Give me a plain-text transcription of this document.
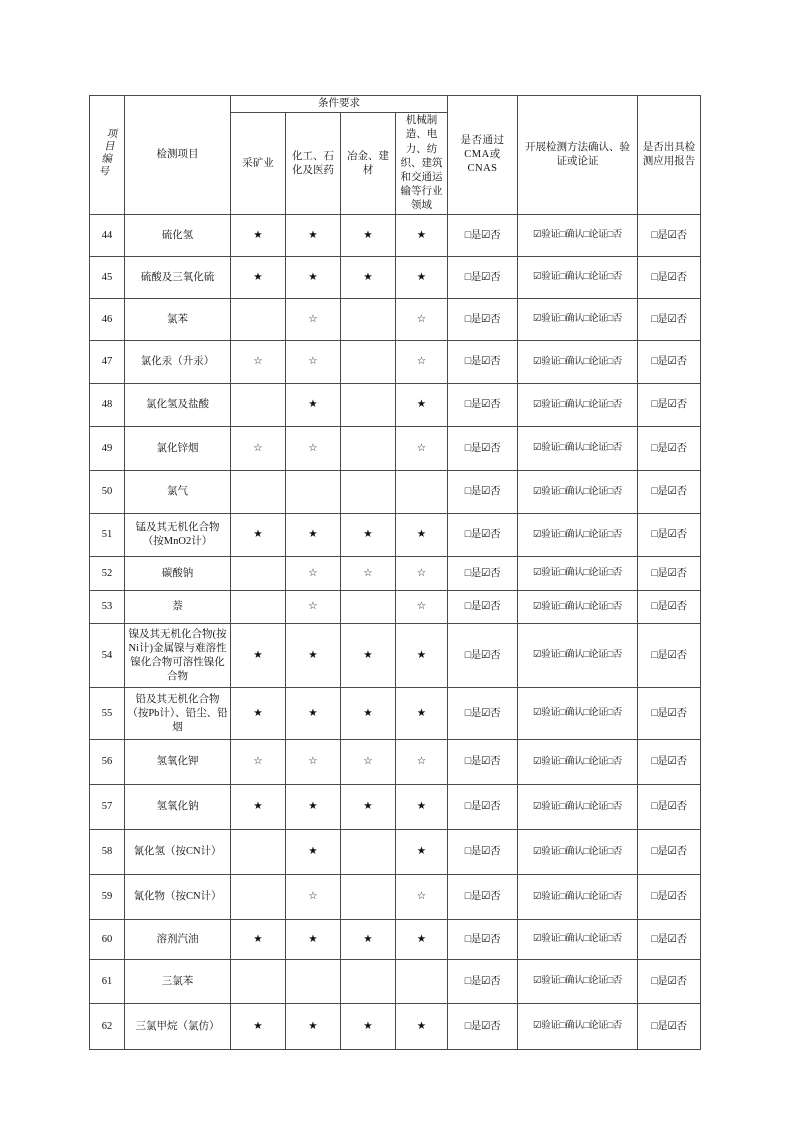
项目编号	检测项目	条件要求				是否通过CMA或CNAS	开展检测方法确认、验证或论证	是否出具检测应用报告
		采矿业	化工、石化及医药	冶金、建材	机械制造、电力、纺织、建筑和交通运输等行业领域			
44	硫化氢	★	★	★	★	□是☑否	☑验证□确认□论证□否	□是☑否
45	硫酸及三氧化硫	★	★	★	★	□是☑否	☑验证□确认□论证□否	□是☑否
46	氯苯		☆		☆	□是☑否	☑验证□确认□论证□否	□是☑否
47	氯化汞（升汞）	☆	☆		☆	□是☑否	☑验证□确认□论证□否	□是☑否
48	氯化氢及盐酸		★		★	□是☑否	☑验证□确认□论证□否	□是☑否
49	氯化锌烟	☆	☆		☆	□是☑否	☑验证□确认□论证□否	□是☑否
50	氯气					□是☑否	☑验证□确认□论证□否	□是☑否
51	锰及其无机化合物（按MnO2计）	★	★	★	★	□是☑否	☑验证□确认□论证□否	□是☑否
52	碳酸钠		☆	☆	☆	□是☑否	☑验证□确认□论证□否	□是☑否
53	萘		☆		☆	□是☑否	☑验证□确认□论证□否	□是☑否
54	镍及其无机化合物(按Ni计)金属镍与难溶性镍化合物可溶性镍化合物	★	★	★	★	□是☑否	☑验证□确认□论证□否	□是☑否
55	铅及其无机化合物（按Pb计）、铅尘、铅烟	★	★	★	★	□是☑否	☑验证□确认□论证□否	□是☑否
56	氢氧化钾	☆	☆	☆	☆	□是☑否	☑验证□确认□论证□否	□是☑否
57	氢氧化钠	★	★	★	★	□是☑否	☑验证□确认□论证□否	□是☑否
58	氰化氢（按CN计）		★		★	□是☑否	☑验证□确认□论证□否	□是☑否
59	氰化物（按CN计）		☆		☆	□是☑否	☑验证□确认□论证□否	□是☑否
60	溶剂汽油	★	★	★	★	□是☑否	☑验证□确认□论证□否	□是☑否
61	三氯苯					□是☑否	☑验证□确认□论证□否	□是☑否
62	三氯甲烷（氯仿）	★	★	★	★	□是☑否	☑验证□确认□论证□否	□是☑否
